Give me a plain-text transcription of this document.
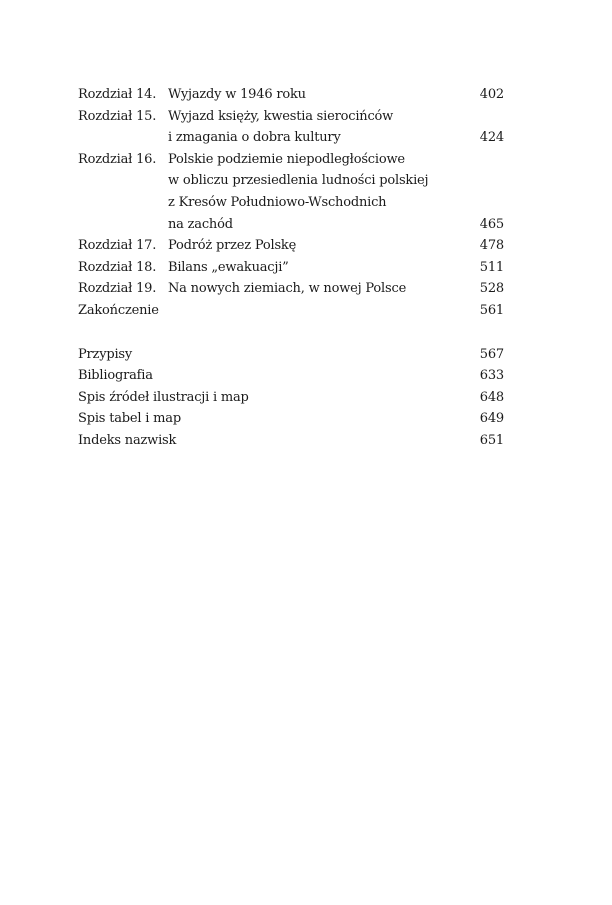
Rozdział 14. Wyjazdy w 1946 roku	402
Rozdział 15. Wyjazd księży, kwestia sierocińców
i zmagania o dobra kultury	424
Rozdział 16. Polskie podziemie niepodległościowe
w obliczu przesiedlenia ludności polskiej
z Kresów Południowo-Wschodnich
na zachód	465
Rozdział 17. Podróż przez Polskę	478
Rozdział 18. Bilans „ewakuacji”	511
Rozdział 19. Na nowych ziemiach, w nowej Polsce	528
Zakończenie	561
Przypisy	567
Bibliografia	633
Spis źródeł ilustracji i map	648
Spis tabel i map	649
Indeks nazwisk	651
